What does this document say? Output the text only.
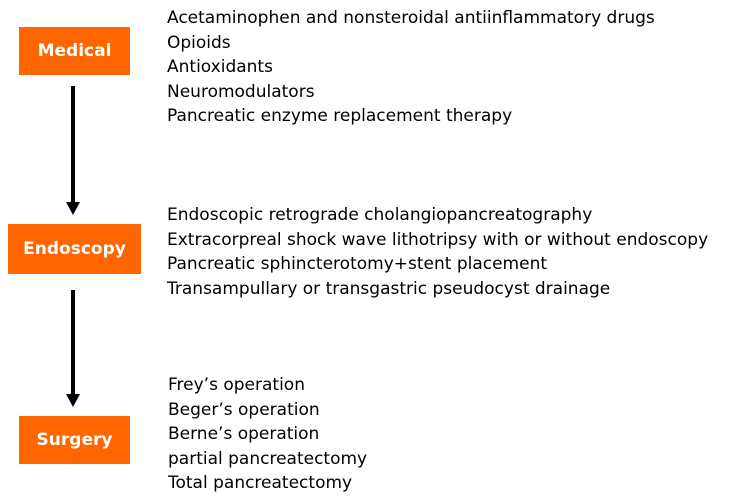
Medical
Acetaminophen and nonsteroidal antiinflammatory drugs
Opioids
Antioxidants
Neuromodulators
Pancreatic enzyme replacement therapy
Endoscopy
Endoscopic retrograde cholangiopancreatography
Extracorpreal shock wave lithotripsy with or without endoscopy
Pancreatic sphincterotomy+stent placement
Transampullary or transgastric pseudocyst drainage
Surgery
Frey’s operation
Beger’s operation
Berne’s operation
partial pancreatectomy
Total pancreatectomy
